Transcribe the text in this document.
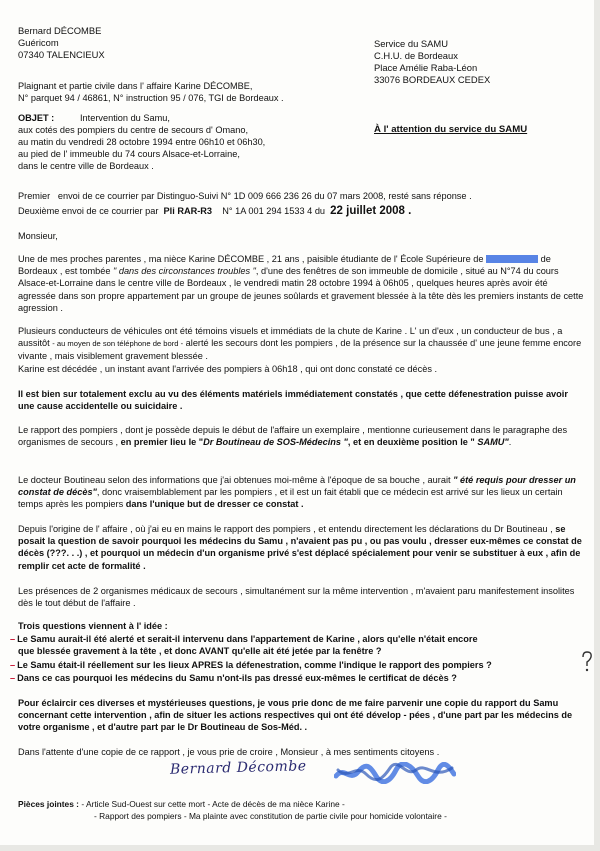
Bernard DÉCOMBE
Guéricom
07340 TALENCIEUX
Service du SAMU
C.H.U. de Bordeaux
Place Amélie Raba-Léon
33076 BORDEAUX CEDEX
Plaignant et partie civile dans l' affaire Karine DÉCOMBE,
N° parquet 94 / 46861, N° instruction 95 / 076, TGI de Bordeaux .
OBJET :	Intervention du Samu,
aux cotés des pompiers du centre de secours d' Omano,
au matin du vendredi 28 octobre 1994 entre 06h10 et 06h30,
au pied de l' immeuble du 74 cours Alsace-et-Lorraine,
dans le centre ville de Bordeaux .
À l' attention du service du SAMU
Premier envoi de ce courrier par Distinguo-Suivi N° 1D 009 666 236 26 du 07 mars 2008, resté sans réponse .
Deuxième envoi de ce courrier par Pli RAR-R3 N° 1A 001 294 1533 4 du 22 juillet 2008 .
Monsieur,

Une de mes proches parentes , ma nièce Karine DÉCOMBE , 21 ans , paisible étudiante de l' École Supérieure de	de Bordeaux , est tombée " dans des circonstances troubles ", d'une des fenêtres de son immeuble de domicile , situé au N°74 du cours Alsace-et-Lorraine dans le centre ville de Bordeaux , le vendredi matin 28 octobre 1994 à 06h05 , quelques heures après avoir été agressée dans son propre appartement par un groupe de jeunes soûlards et gravement blessée à la tête dès les premiers instants de cette agression .

Plusieurs conducteurs de véhicules ont été témoins visuels et immédiats de la chute de Karine . L' un d'eux , un conducteur de bus , a aussitôt - au moyen de son téléphone de bord - alerté les secours dont les pompiers , de la présence sur la chaussée d' une jeune femme encore vivante , mais visiblement gravement blessée .

Karine est décédée , un instant avant l'arrivée des pompiers à 06h18 , qui ont donc constaté ce décès .

Il est bien sur totalement exclu au vu des éléments matériels immédiatement constatés , que cette défenestration puisse avoir une cause accidentelle ou suicidaire .

Le rapport des pompiers , dont je possède depuis le début de l'affaire un exemplaire , mentionne curieusement dans le paragraphe des organismes de secours , en premier lieu le "Dr Boutineau de SOS-Médecins ", et en deuxième position le " SAMU".

Le docteur Boutineau selon des informations que j'ai obtenues moi-même à l'époque de sa bouche , aurait " été requis pour dresser un constat de décès", donc vraisemblablement par les pompiers , et il est un fait établi que ce médecin est arrivé sur les lieux un certain temps après les pompiers dans l'unique but de dresser ce constat .

Depuis l'origine de l' affaire , où j'ai eu en mains le rapport des pompiers , et entendu directement les déclarations du Dr Boutineau , se posait la question de savoir pourquoi les médecins du Samu , n'avaient pas pu , ou pas voulu , dresser eux-mêmes ce constat de décès (???. . .) , et pourquoi un médecin d'un organisme privé s'est déplacé spécialement pour venir se substituer à eux , afin de remplir cet acte de formalité .

Les présences de 2 organismes médicaux de secours , simultanément sur la même intervention , m'avaient paru manifestement insolites dès le tout début de l'affaire .
Trois questions viennent à l' idée :
– Le Samu aurait-il été alerté et serait-il intervenu dans l'appartement de Karine , alors qu'elle n'était encore
que blessée gravement à la tête , et donc AVANT qu'elle ait été jetée par la fenêtre ?
– Le Samu était-il réellement sur les lieux APRES la défenestration, comme l'indique le rapport des pompiers ?
– Dans ce cas pourquoi les médecins du Samu n'ont-ils pas dressé eux-mêmes le certificat de décès ?
Pour éclaircir ces diverses et mystérieuses questions, je vous prie donc de me faire parvenir une copie du rapport du Samu concernant cette intervention , afin de situer les actions respectives qui ont été dévelop - pées , d'une part par les médecins de votre organisme , et d'autre part par le Dr Boutineau de Sos-Méd. .
Dans l'attente d'une copie de ce rapport , je vous prie de croire , Monsieur , à mes sentiments citoyens .
Bernard Décombe
Pièces jointes : - Article Sud-Ouest sur cette mort - Acte de décès de ma nièce Karine -
- Rapport des pompiers - Ma plainte avec constitution de partie civile pour homicide volontaire -
